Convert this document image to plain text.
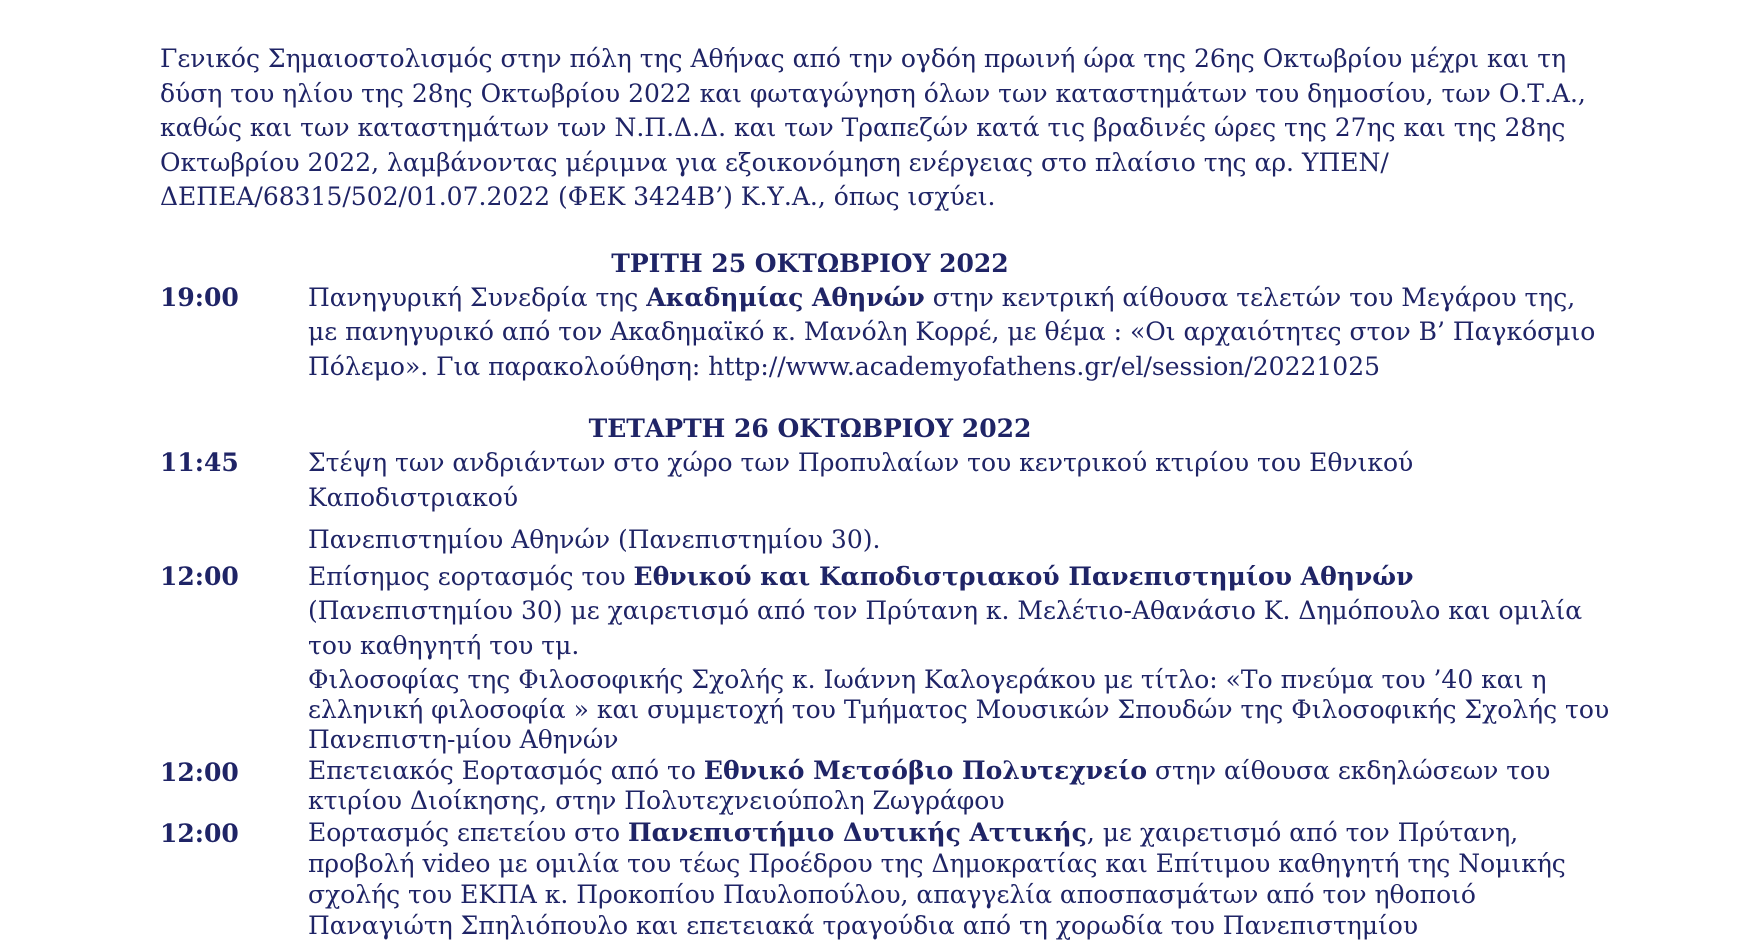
Γενικός Σημαιοστολισμός στην πόλη της Αθήνας από την ογδόη πρωινή ώρα της 26ης Οκτωβρίου μέχρι και τη δύση του ηλίου της 28ης Οκτωβρίου 2022 και φωταγώγηση όλων των καταστημάτων του δημοσίου, των Ο.Τ.Α., καθώς και των καταστημάτων των Ν.Π.Δ.Δ. και των Τραπεζών κατά τις βραδινές ώρες της 27ης και της 28ης Οκτωβρίου 2022, λαμβάνοντας μέριμνα για εξοικονόμηση ενέργειας στο πλαίσιο της αρ. ΥΠΕΝ/ΔΕΠΕΑ/68315/502/01.07.2022 (ΦΕΚ 3424Β’) Κ.Υ.Α., όπως ισχύει.

ΤΡΙΤΗ 25 ΟΚΤΩΒΡΙΟΥ 2022
19:00	Πανηγυρική Συνεδρία της Ακαδημίας Αθηνών στην κεντρική αίθουσα τελετών του Μεγάρου της, με πανηγυρικό από τον Ακαδημαϊκό κ. Μανόλη Κορρέ, με θέμα : «Οι αρχαιότητες στον Β’ Παγκόσμιο Πόλεμο». Για παρακολούθηση: http://www.academyofathens.gr/el/session/20221025
ΤΕΤΑΡΤΗ 26 ΟΚΤΩΒΡΙΟΥ 2022
11:45	Στέψη των ανδριάντων στο χώρο των Προπυλαίων του κεντρικού κτιρίου του Εθνικού Καποδιστριακού
Πανεπιστημίου Αθηνών (Πανεπιστημίου 30).
12:00	Επίσημος εορτασμός του Εθνικού και Καποδιστριακού Πανεπιστημίου Αθηνών (Πανεπιστημίου 30) με χαιρετισμό από τον Πρύτανη κ. Μελέτιο-Αθανάσιο Κ. Δημόπουλο και ομιλία του καθηγητή του τμ.
Φιλοσοφίας της Φιλοσοφικής Σχολής κ. Ιωάννη Καλογεράκου με τίτλο: «Το πνεύμα του ’40 και η ελληνική φιλοσοφία » και συμμετοχή του Τμήματος Μουσικών Σπουδών της Φιλοσοφικής Σχολής του Πανεπιστη-μίου Αθηνών
12:00	Επετειακός Εορτασμός από το Εθνικό Μετσόβιο Πολυτεχνείο στην αίθουσα εκδηλώσεων του κτιρίου Διοίκησης, στην Πολυτεχνειούπολη Ζωγράφου
12:00	Εορτασμός επετείου στο Πανεπιστήμιο Δυτικής Αττικής, με χαιρετισμό από τον Πρύτανη, προβολή video με ομιλία του τέως Προέδρου της Δημοκρατίας και Επίτιμου καθηγητή της Νομικής σχολής του ΕΚΠΑ κ. Προκοπίου Παυλοπούλου, απαγγελία αποσπασμάτων από τον ηθοποιό Παναγιώτη Σπηλιόπουλο και επετειακά τραγούδια από τη χορωδία του Πανεπιστημίου
